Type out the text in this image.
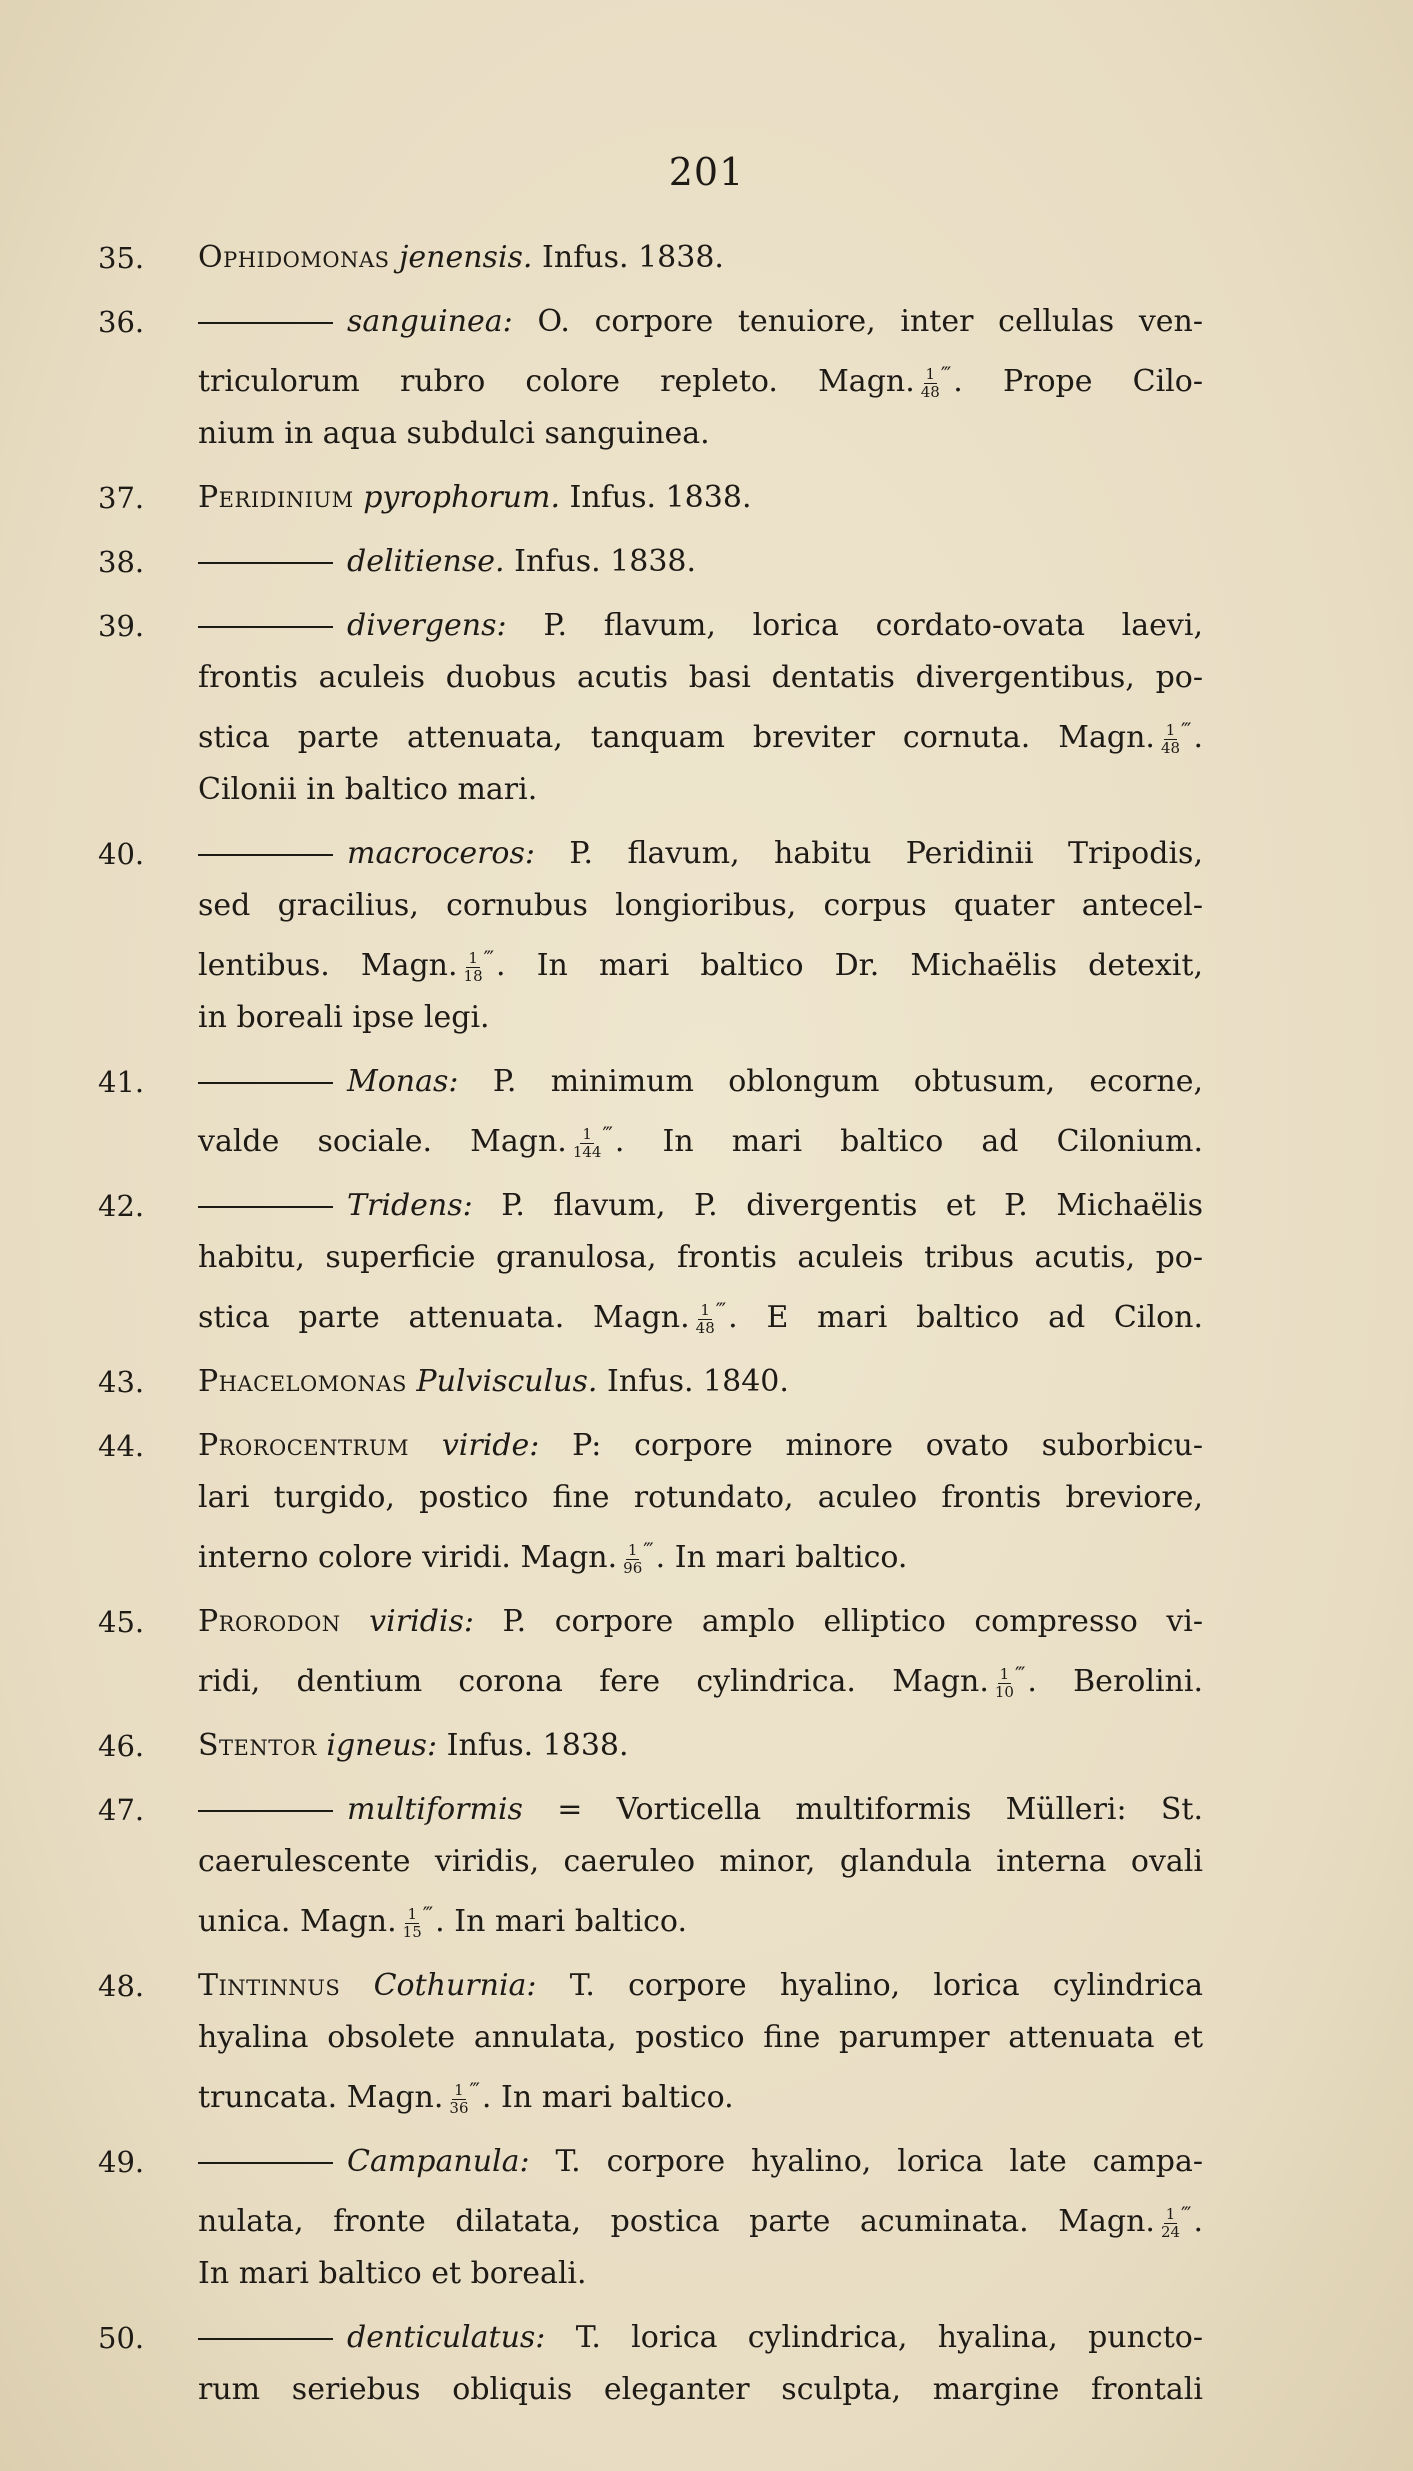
201
35.	Ophidomonas jenensis. Infus. 1838.
36.	sanguinea: O. corpore tenuiore, inter cellulas ven-
triculorum rubro colore repleto. Magn. $\frac{1}{48} ^‴$. Prope Cilo-
nium in aqua subdulci sanguinea.
37.	Peridinium pyrophorum. Infus. 1838.
38.	delitiense. Infus. 1838.
39.	divergens: P. flavum, lorica cordato-ovata laevi,
frontis aculeis duobus acutis basi dentatis divergentibus, po-
stica parte attenuata, tanquam breviter cornuta. Magn. $\frac{1}{48} ^‴$.
Cilonii in baltico mari.
40.	macroceros: P. flavum, habitu Peridinii Tripodis,
sed gracilius, cornubus longioribus, corpus quater antecel-
lentibus. Magn. $\frac{1}{18} ^‴$. In mari baltico Dr. Michaëlis detexit,
in boreali ipse legi.
41.	Monas: P. minimum oblongum obtusum, ecorne,
valde sociale. Magn. $\frac{1}{144} ^‴$. In mari baltico ad Cilonium.
42.	Tridens: P. flavum, P. divergentis et P. Michaëlis
habitu, superficie granulosa, frontis aculeis tribus acutis, po-
stica parte attenuata. Magn. $\frac{1}{48} ^‴$. E mari baltico ad Cilon.
43.	Phacelomonas Pulvisculus. Infus. 1840.
44.	Prorocentrum viride: P: corpore minore ovato suborbicu-
lari turgido, postico fine rotundato, aculeo frontis breviore,
interno colore viridi. Magn. $\frac{1}{96} ^‴$. In mari baltico.
45.	Prorodon viridis: P. corpore amplo elliptico compresso vi-
ridi, dentium corona fere cylindrica. Magn. $\frac{1}{10} ^‴$. Berolini.
46.	Stentor igneus: Infus. 1838.
47.	multiformis = Vorticella multiformis Mülleri: St.
caerulescente viridis, caeruleo minor, glandula interna ovali
unica. Magn. $\frac{1}{15} ^‴$. In mari baltico.
48.	Tintinnus Cothurnia: T. corpore hyalino, lorica cylindrica
hyalina obsolete annulata, postico fine parumper attenuata et
truncata. Magn. $\frac{1}{36} ^‴$. In mari baltico.
49.	Campanula: T. corpore hyalino, lorica late campa-
nulata, fronte dilatata, postica parte acuminata. Magn. $\frac{1}{24} ^‴$.
In mari baltico et boreali.
50.	denticulatus: T. lorica cylindrica, hyalina, puncto-
rum seriebus obliquis eleganter sculpta, margine frontali
